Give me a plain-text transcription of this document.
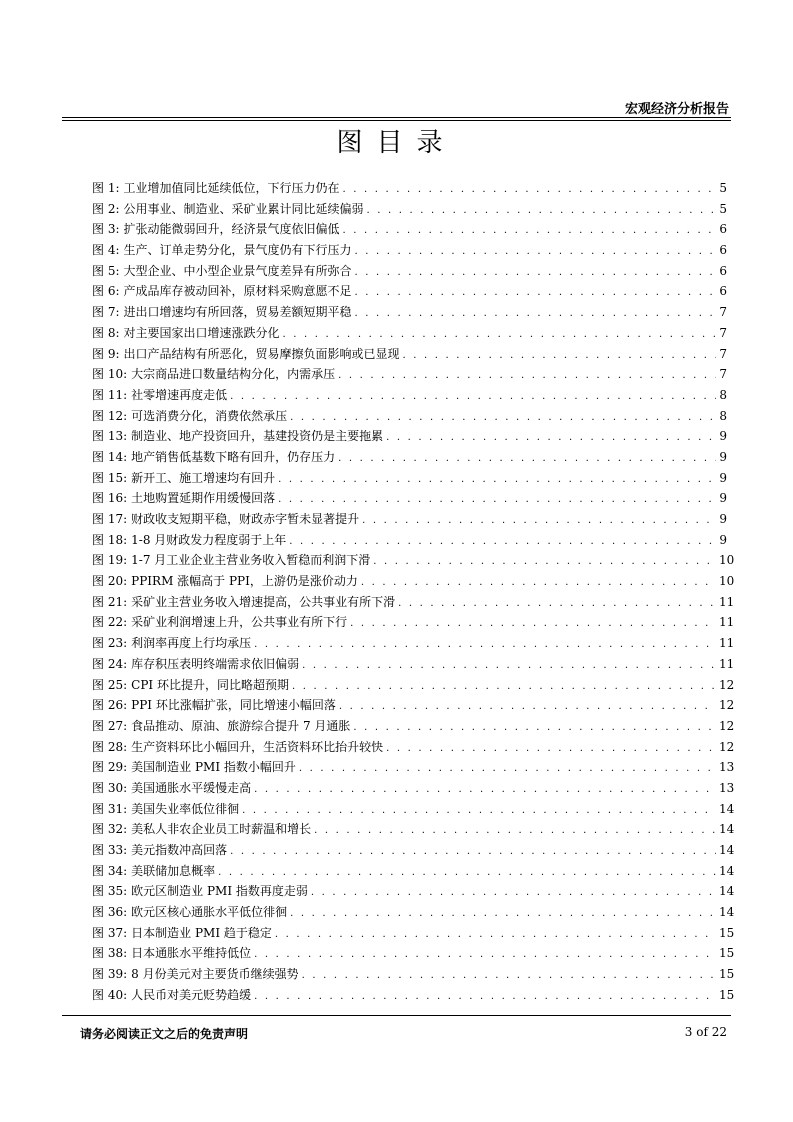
宏观经济分析报告
图目录
图 1: 工业增加值同比延续低位，下行压力仍在 . . .	5
图 2: 公用事业、制造业、采矿业累计同比延续偏弱 . . .	5
图 3: 扩张动能微弱回升，经济景气度依旧偏低 . . .	6
图 4: 生产、订单走势分化，景气度仍有下行压力 . . .	6
图 5: 大型企业、中小型企业景气度差异有所弥合 . . .	6
图 6: 产成品库存被动回补，原材料采购意愿不足 . . .	6
图 7: 进出口增速均有所回落，贸易差额短期平稳 . . .	7
图 8: 对主要国家出口增速涨跌分化 . . .	7
图 9: 出口产品结构有所恶化，贸易摩擦负面影响或已显现 . . .	7
图 10: 大宗商品进口数量结构分化，内需承压 . . .	7
图 11: 社零增速再度走低 . . .	8
图 12: 可选消费分化，消费依然承压 . . .	8
图 13: 制造业、地产投资回升，基建投资仍是主要拖累 . . .	9
图 14: 地产销售低基数下略有回升，仍存压力 . . .	9
图 15: 新开工、施工增速均有回升 . . .	9
图 16: 土地购置延期作用缓慢回落 . . .	9
图 17: 财政收支短期平稳，财政赤字暂未显著提升 . . .	9
图 18: 1-8 月财政发力程度弱于上年 . . .	9
图 19: 1-7 月工业企业主营业务收入暂稳而利润下滑 . . .	10
图 20: PPIRM 涨幅高于 PPI，上游仍是涨价动力 . . .	10
图 21: 采矿业主营业务收入增速提高，公共事业有所下滑 . . .	11
图 22: 采矿业利润增速上升，公共事业有所下行 . . .	11
图 23: 利润率再度上行均承压 . . .	11
图 24: 库存积压表明终端需求依旧偏弱 . . .	11
图 25: CPI 环比提升，同比略超预期 . . .	12
图 26: PPI 环比涨幅扩张，同比增速小幅回落 . . .	12
图 27: 食品推动、原油、旅游综合提升 7 月通胀 . . .	12
图 28: 生产资料环比小幅回升，生活资料环比抬升较快 . . .	12
图 29: 美国制造业 PMI 指数小幅回升 . . .	13
图 30: 美国通胀水平缓慢走高 . . .	13
图 31: 美国失业率低位徘徊 . . .	14
图 32: 美私人非农企业员工时薪温和增长 . . .	14
图 33: 美元指数冲高回落 . . .	14
图 34: 美联储加息概率 . . .	14
图 35: 欧元区制造业 PMI 指数再度走弱 . . .	14
图 36: 欧元区核心通胀水平低位徘徊 . . .	14
图 37: 日本制造业 PMI 趋于稳定 . . .	15
图 38: 日本通胀水平维持低位 . . .	15
图 39: 8 月份美元对主要货币继续强势 . . .	15
图 40: 人民币对美元贬势趋缓 . . .	15
请务必阅读正文之后的免责声明	3 of 22
